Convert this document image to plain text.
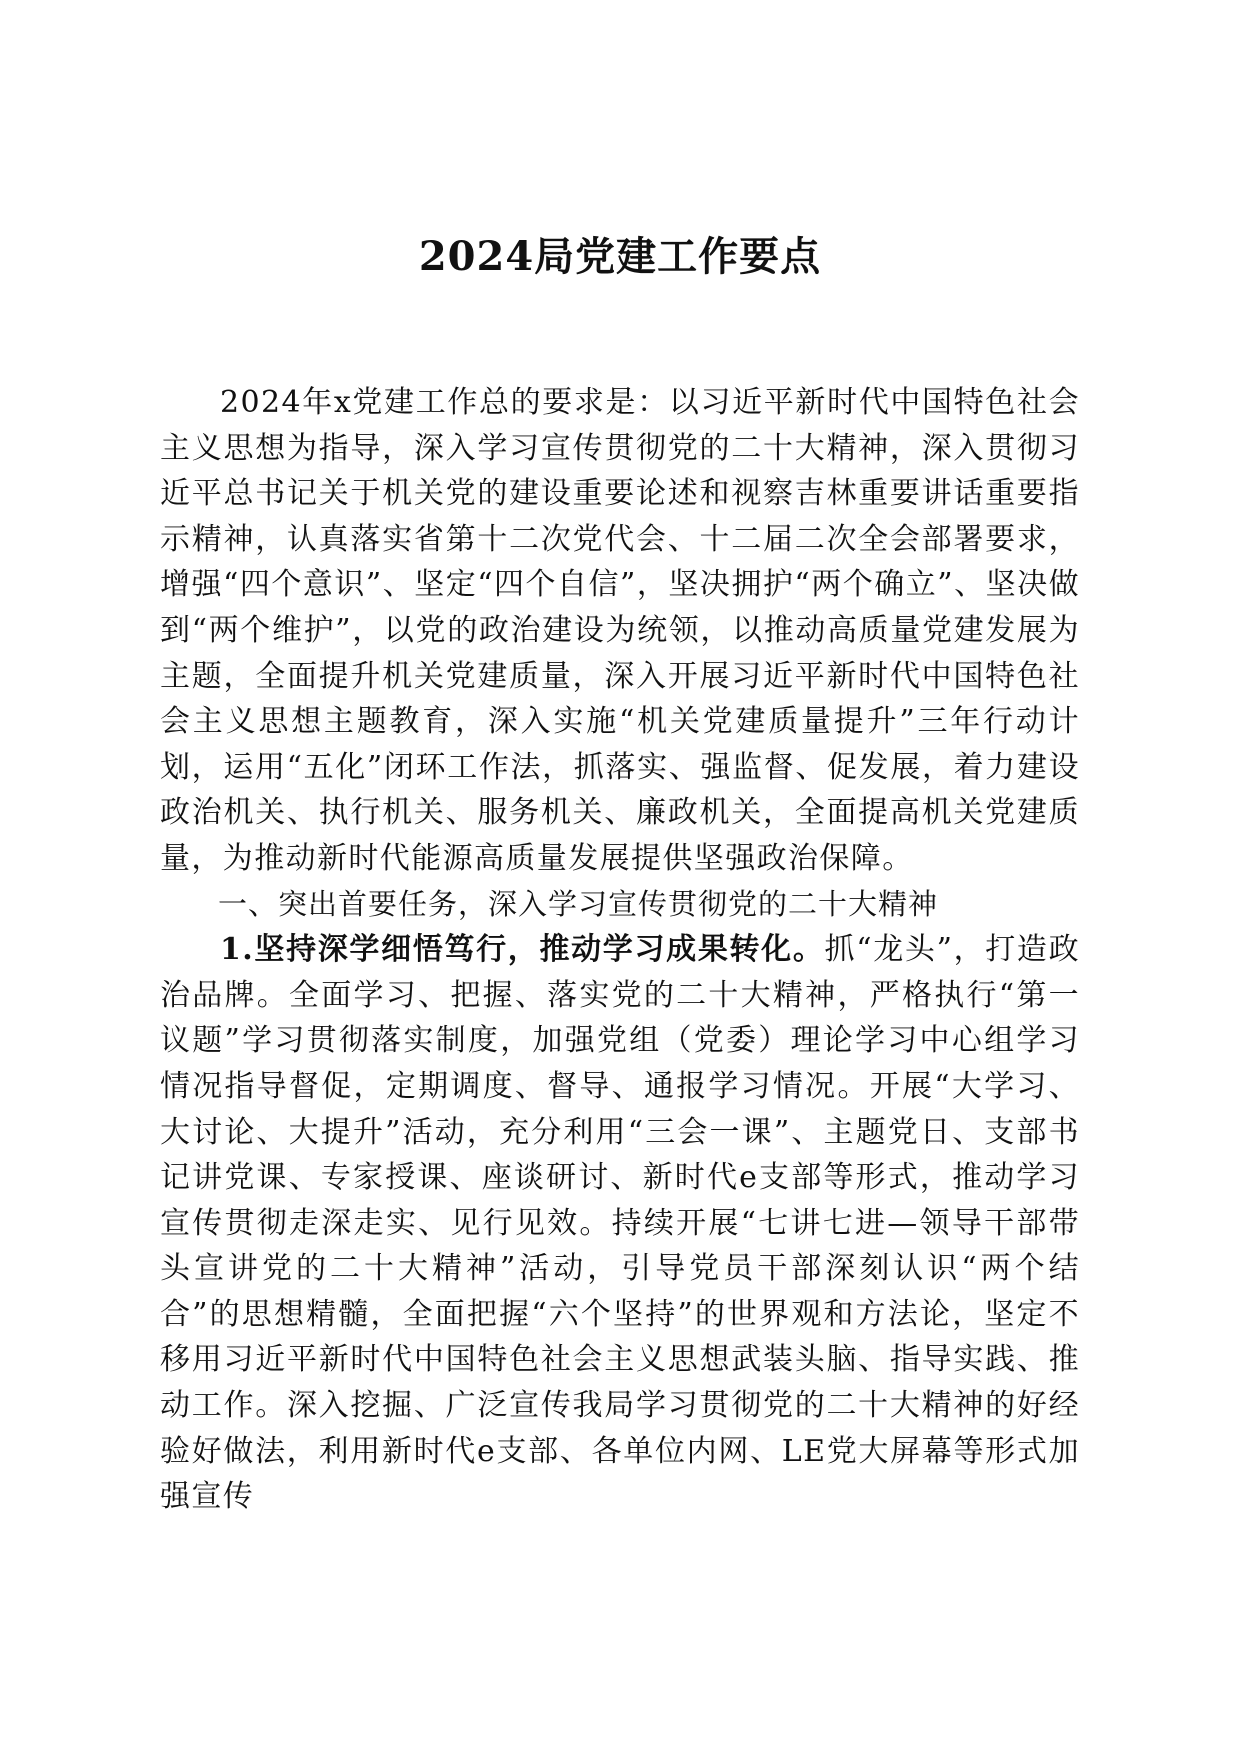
2024局党建工作要点

2024年x党建工作总的要求是：以习近平新时代中国特色社会主义思想为指导，深入学习宣传贯彻党的二十大精神，深入贯彻习近平总书记关于机关党的建设重要论述和视察吉林重要讲话重要指示精神，认真落实省第十二次党代会、十二届二次全会部署要求，增强“四个意识”、坚定“四个自信”，坚决拥护“两个确立”、坚决做到“两个维护”，以党的政治建设为统领，以推动高质量党建发展为主题，全面提升机关党建质量，深入开展习近平新时代中国特色社会主义思想主题教育，深入实施“机关党建质量提升”三年行动计划，运用“五化”闭环工作法，抓落实、强监督、促发展，着力建设政治机关、执行机关、服务机关、廉政机关，全面提高机关党建质量，为推动新时代能源高质量发展提供坚强政治保障。

一、突出首要任务，深入学习宣传贯彻党的二十大精神

1.坚持深学细悟笃行，推动学习成果转化。抓“龙头”，打造政治品牌。全面学习、把握、落实党的二十大精神，严格执行“第一议题”学习贯彻落实制度，加强党组（党委）理论学习中心组学习情况指导督促，定期调度、督导、通报学习情况。开展“大学习、大讨论、大提升”活动，充分利用“三会一课”、主题党日、支部书记讲党课、专家授课、座谈研讨、新时代e支部等形式，推动学习宣传贯彻走深走实、见行见效。持续开展“七讲七进—领导干部带头宣讲党的二十大精神”活动，引导党员干部深刻认识“两个结合”的思想精髓，全面把握“六个坚持”的世界观和方法论，坚定不移用习近平新时代中国特色社会主义思想武装头脑、指导实践、推动工作。深入挖掘、广泛宣传我局学习贯彻党的二十大精神的好经验好做法，利用新时代e支部、各单位内网、LE党大屏幕等形式加强宣传
